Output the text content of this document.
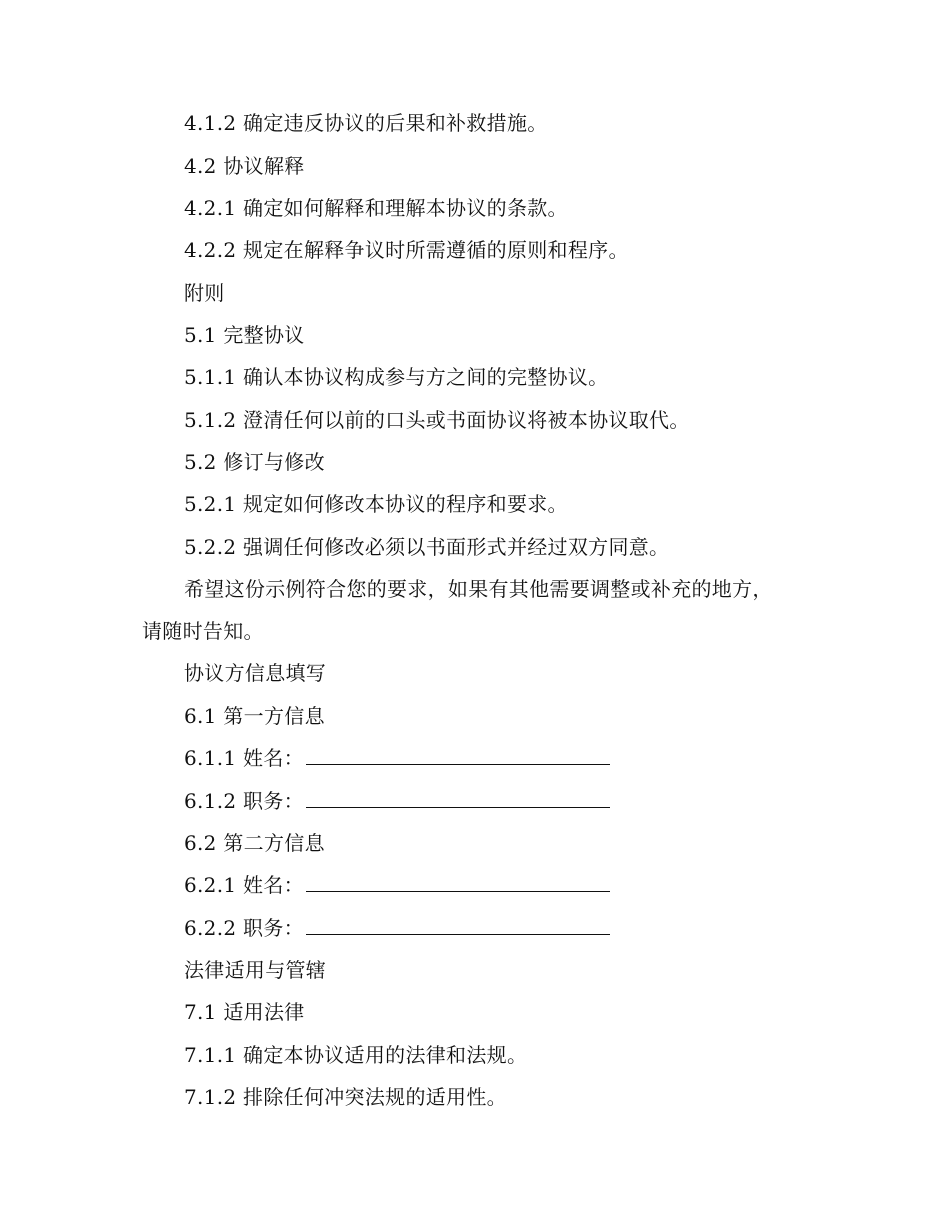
4.1.2 确定违反协议的后果和补救措施。
4.2 协议解释
4.2.1 确定如何解释和理解本协议的条款。
4.2.2 规定在解释争议时所需遵循的原则和程序。
附则
5.1 完整协议
5.1.1 确认本协议构成参与方之间的完整协议。
5.1.2 澄清任何以前的口头或书面协议将被本协议取代。
5.2 修订与修改
5.2.1 规定如何修改本协议的程序和要求。
5.2.2 强调任何修改必须以书面形式并经过双方同意。
希望这份示例符合您的要求，如果有其他需要调整或补充的地方，
请随时告知。
协议方信息填写
6.1 第一方信息
6.1.1 姓名：
6.1.2 职务：
6.2 第二方信息
6.2.1 姓名：
6.2.2 职务：
法律适用与管辖
7.1 适用法律
7.1.1 确定本协议适用的法律和法规。
7.1.2 排除任何冲突法规的适用性。
